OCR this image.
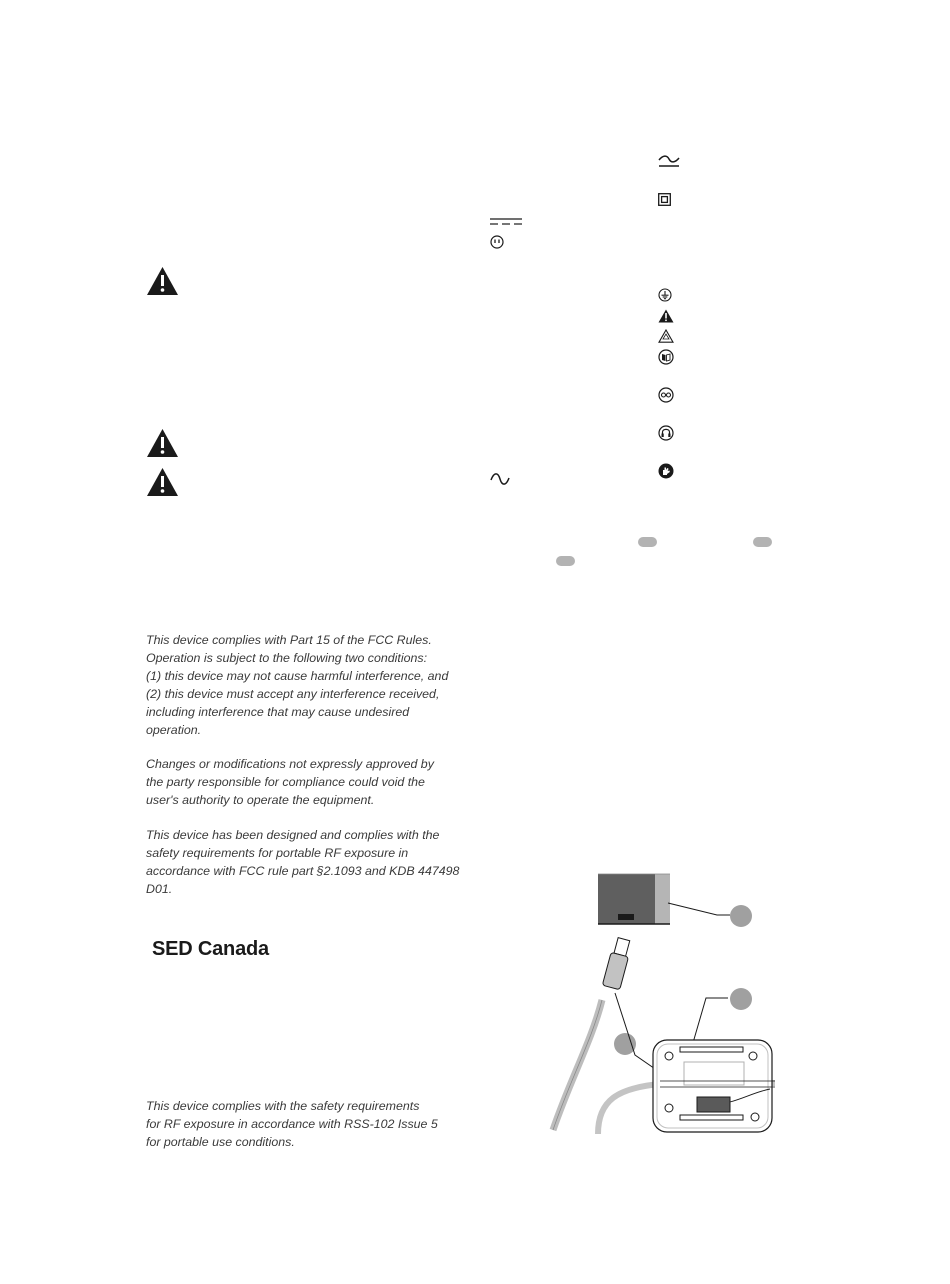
This device complies with Part 15 of the FCC Rules.
Operation is subject to the following two conditions:
(1) this device may not cause harmful interference, and
(2) this device must accept any interference received,
including interference that may cause undesired
operation.
Changes or modifications not expressly approved by
the party responsible for compliance could void the
user's authority to operate the equipment.
This device has been designed and complies with the
safety requirements for portable RF exposure in
accordance with FCC rule part §2.1093 and KDB 447498
D01.
SED Canada
This device complies with the safety requirements
for RF exposure in accordance with RSS-102 Issue 5
for portable use conditions.
